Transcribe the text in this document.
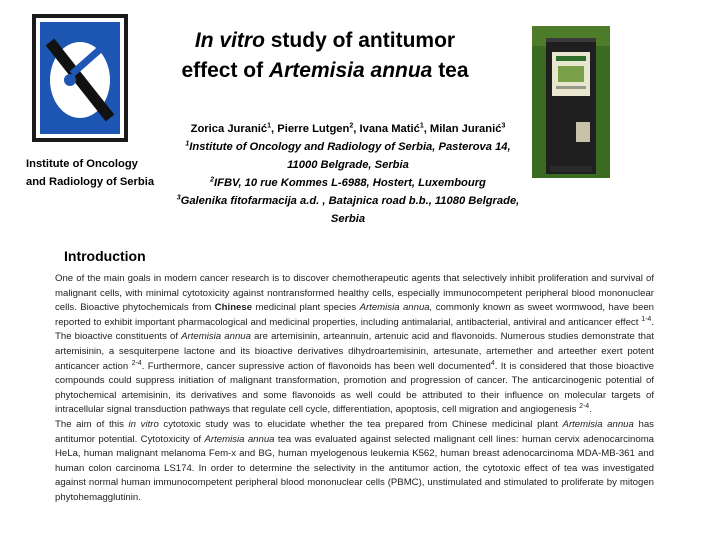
In vitro study of antitumor
effect of Artemisia annua tea
Institute of Oncology
and Radiology of Serbia
Zorica Juranić$^1$, Pierre Lutgen$^2$, Ivana Matić$^1$, Milan Juranić$^3$
$^1$Institute of Oncology and Radiology of Serbia, Pasterova 14, 11000 Belgrade, Serbia
$^2$IFBV, 10 rue Kommes L-6988, Hostert, Luxembourg
$^3$Galenika fitofarmacija a.d. , Batajnica road b.b., 11080 Belgrade, Serbia
Introduction

One of the main goals in modern cancer research is to discover chemotherapeutic agents that selectively inhibit proliferation and survival of malignant cells, with minimal cytotoxicity against nontransformed healthy cells, especially immunocompetent peripheral blood mononuclear cells. Bioactive phytochemicals from Chinese medicinal plant species Artemisia annua, commonly known as sweet wormwood, have been reported to exhibit important pharmacological and medicinal properties, including antimalarial, antibacterial, antiviral and anticancer effect $^{1-4}$. The bioactive constituents of Artemisia annua are artemisinin, arteannuin, artenuic acid and flavonoids. Numerous studies demonstrate that artemisinin, a sesquiterpene lactone and its bioactive derivatives dihydroartemisinin, artesunate, artemether and arteether exert potent anticancer action $^{2-4}$. Furthermore, cancer supressive action of flavonoids has been well documented$^4$. It is considered that those bioactive compounds could suppress initiation of malignant transformation, promotion and progression of cancer. The anticarcinogenic potential of phytochemical artemisinin, its derivatives and some flavonoids as well could be attributed to their influence on molecular targets of intracellular signal transduction pathways that regulate cell cycle, differentiation, apoptosis, cell migration and angiogenesis $^{2-4}$.

The aim of this in vitro cytotoxic study was to elucidate whether the tea prepared from Chinese medicinal plant Artemisia annua has antitumor potential. Cytotoxicity of Artemisia annua tea was evaluated against selected malignant cell lines: human cervix adenocarcinoma HeLa, human malignant melanoma Fem-x and BG, human myelogenous leukemia K562, human breast adenocarcinoma MDA-MB-361 and human colon carcinoma LS174. In order to determine the selectivity in the antitumor action, the cytotoxic effect of tea was investigated against normal human immunocompetent peripheral blood mononuclear cells (PBMC), unstimulated and stimulated to proliferate by mitogen phytohemagglutinin.
